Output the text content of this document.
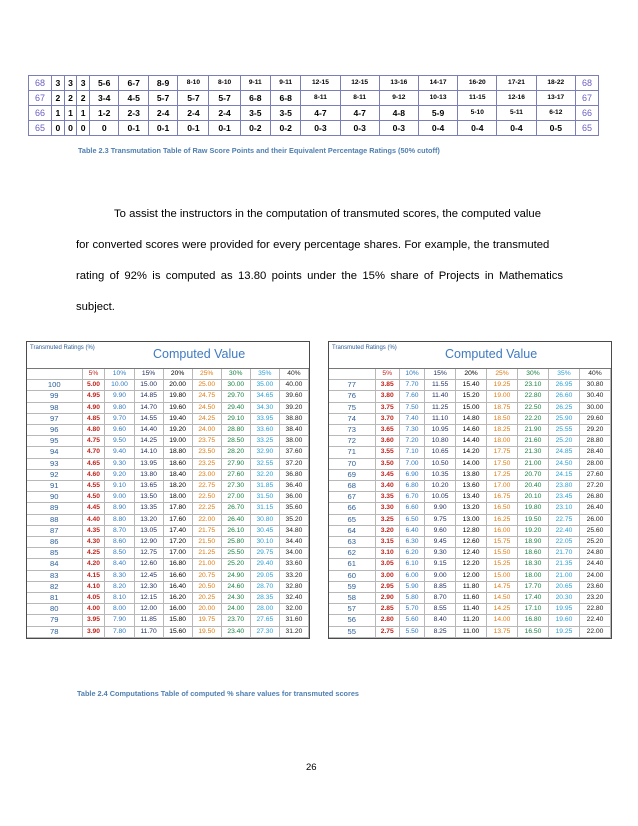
68	3	3	3	5-6	6-7	8-9	8-10	8-10	9-11	9-11	12-15	12-15	13-16	14-17	16-20	17-21	18-22	68
67	2	2	2	3-4	4-5	5-7	5-7	5-7	6-8	6-8	8-11	8-11	9-12	10-13	11-15	12-16	13-17	67
66	1	1	1	1-2	2-3	2-4	2-4	2-4	3-5	3-5	4-7	4-7	4-8	5-9	5-10	5-11	6-12	66
65	0	0	0	0	0-1	0-1	0-1	0-1	0-2	0-2	0-3	0-3	0-3	0-4	0-4	0-4	0-5	65
Table 2.3 Transmutation Table of Raw Score Points and their Equivalent Percentage Ratings (50% cutoff)
To assist the instructors in the computation of transmuted scores, the computed value
for converted scores were provided for every percentage shares. For example, the transmuted
rating of 92% is computed as 13.80 points under the 15% share of Projects in Mathematics
subject.
Transmuted Ratings (%)	Computed Value
	5%	10%	15%	20%	25%	30%	35%	40%
100	5.00	10.00	15.00	20.00	25.00	30.00	35.00	40.00
99	4.95	9.90	14.85	19.80	24.75	29.70	34.65	39.60
98	4.90	9.80	14.70	19.60	24.50	29.40	34.30	39.20
97	4.85	9.70	14.55	19.40	24.25	29.10	33.95	38.80
96	4.80	9.60	14.40	19.20	24.00	28.80	33.60	38.40
95	4.75	9.50	14.25	19.00	23.75	28.50	33.25	38.00
94	4.70	9.40	14.10	18.80	23.50	28.20	32.90	37.60
93	4.65	9.30	13.95	18.60	23.25	27.90	32.55	37.20
92	4.60	9.20	13.80	18.40	23.00	27.60	32.20	36.80
91	4.55	9.10	13.65	18.20	22.75	27.30	31.85	36.40
90	4.50	9.00	13.50	18.00	22.50	27.00	31.50	36.00
89	4.45	8.90	13.35	17.80	22.25	26.70	31.15	35.60
88	4.40	8.80	13.20	17.60	22.00	26.40	30.80	35.20
87	4.35	8.70	13.05	17.40	21.75	26.10	30.45	34.80
86	4.30	8.60	12.90	17.20	21.50	25.80	30.10	34.40
85	4.25	8.50	12.75	17.00	21.25	25.50	29.75	34.00
84	4.20	8.40	12.60	16.80	21.00	25.20	29.40	33.60
83	4.15	8.30	12.45	16.60	20.75	24.90	29.05	33.20
82	4.10	8.20	12.30	16.40	20.50	24.60	28.70	32.80
81	4.05	8.10	12.15	16.20	20.25	24.30	28.35	32.40
80	4.00	8.00	12.00	16.00	20.00	24.00	28.00	32.00
79	3.95	7.90	11.85	15.80	19.75	23.70	27.65	31.60
78	3.90	7.80	11.70	15.60	19.50	23.40	27.30	31.20
Transmuted Ratings (%)	Computed Value
	5%	10%	15%	20%	25%	30%	35%	40%
77	3.85	7.70	11.55	15.40	19.25	23.10	26.95	30.80
76	3.80	7.60	11.40	15.20	19.00	22.80	26.60	30.40
75	3.75	7.50	11.25	15.00	18.75	22.50	26.25	30.00
74	3.70	7.40	11.10	14.80	18.50	22.20	25.90	29.60
73	3.65	7.30	10.95	14.60	18.25	21.90	25.55	29.20
72	3.60	7.20	10.80	14.40	18.00	21.60	25.20	28.80
71	3.55	7.10	10.65	14.20	17.75	21.30	24.85	28.40
70	3.50	7.00	10.50	14.00	17.50	21.00	24.50	28.00
69	3.45	6.90	10.35	13.80	17.25	20.70	24.15	27.60
68	3.40	6.80	10.20	13.60	17.00	20.40	23.80	27.20
67	3.35	6.70	10.05	13.40	16.75	20.10	23.45	26.80
66	3.30	6.60	9.90	13.20	16.50	19.80	23.10	26.40
65	3.25	6.50	9.75	13.00	16.25	19.50	22.75	26.00
64	3.20	6.40	9.60	12.80	16.00	19.20	22.40	25.60
63	3.15	6.30	9.45	12.60	15.75	18.90	22.05	25.20
62	3.10	6.20	9.30	12.40	15.50	18.60	21.70	24.80
61	3.05	6.10	9.15	12.20	15.25	18.30	21.35	24.40
60	3.00	6.00	9.00	12.00	15.00	18.00	21.00	24.00
59	2.95	5.90	8.85	11.80	14.75	17.70	20.65	23.60
58	2.90	5.80	8.70	11.60	14.50	17.40	20.30	23.20
57	2.85	5.70	8.55	11.40	14.25	17.10	19.95	22.80
56	2.80	5.60	8.40	11.20	14.00	16.80	19.60	22.40
55	2.75	5.50	8.25	11.00	13.75	16.50	19.25	22.00
Table 2.4 Computations Table of computed % share values for transmuted scores
26
